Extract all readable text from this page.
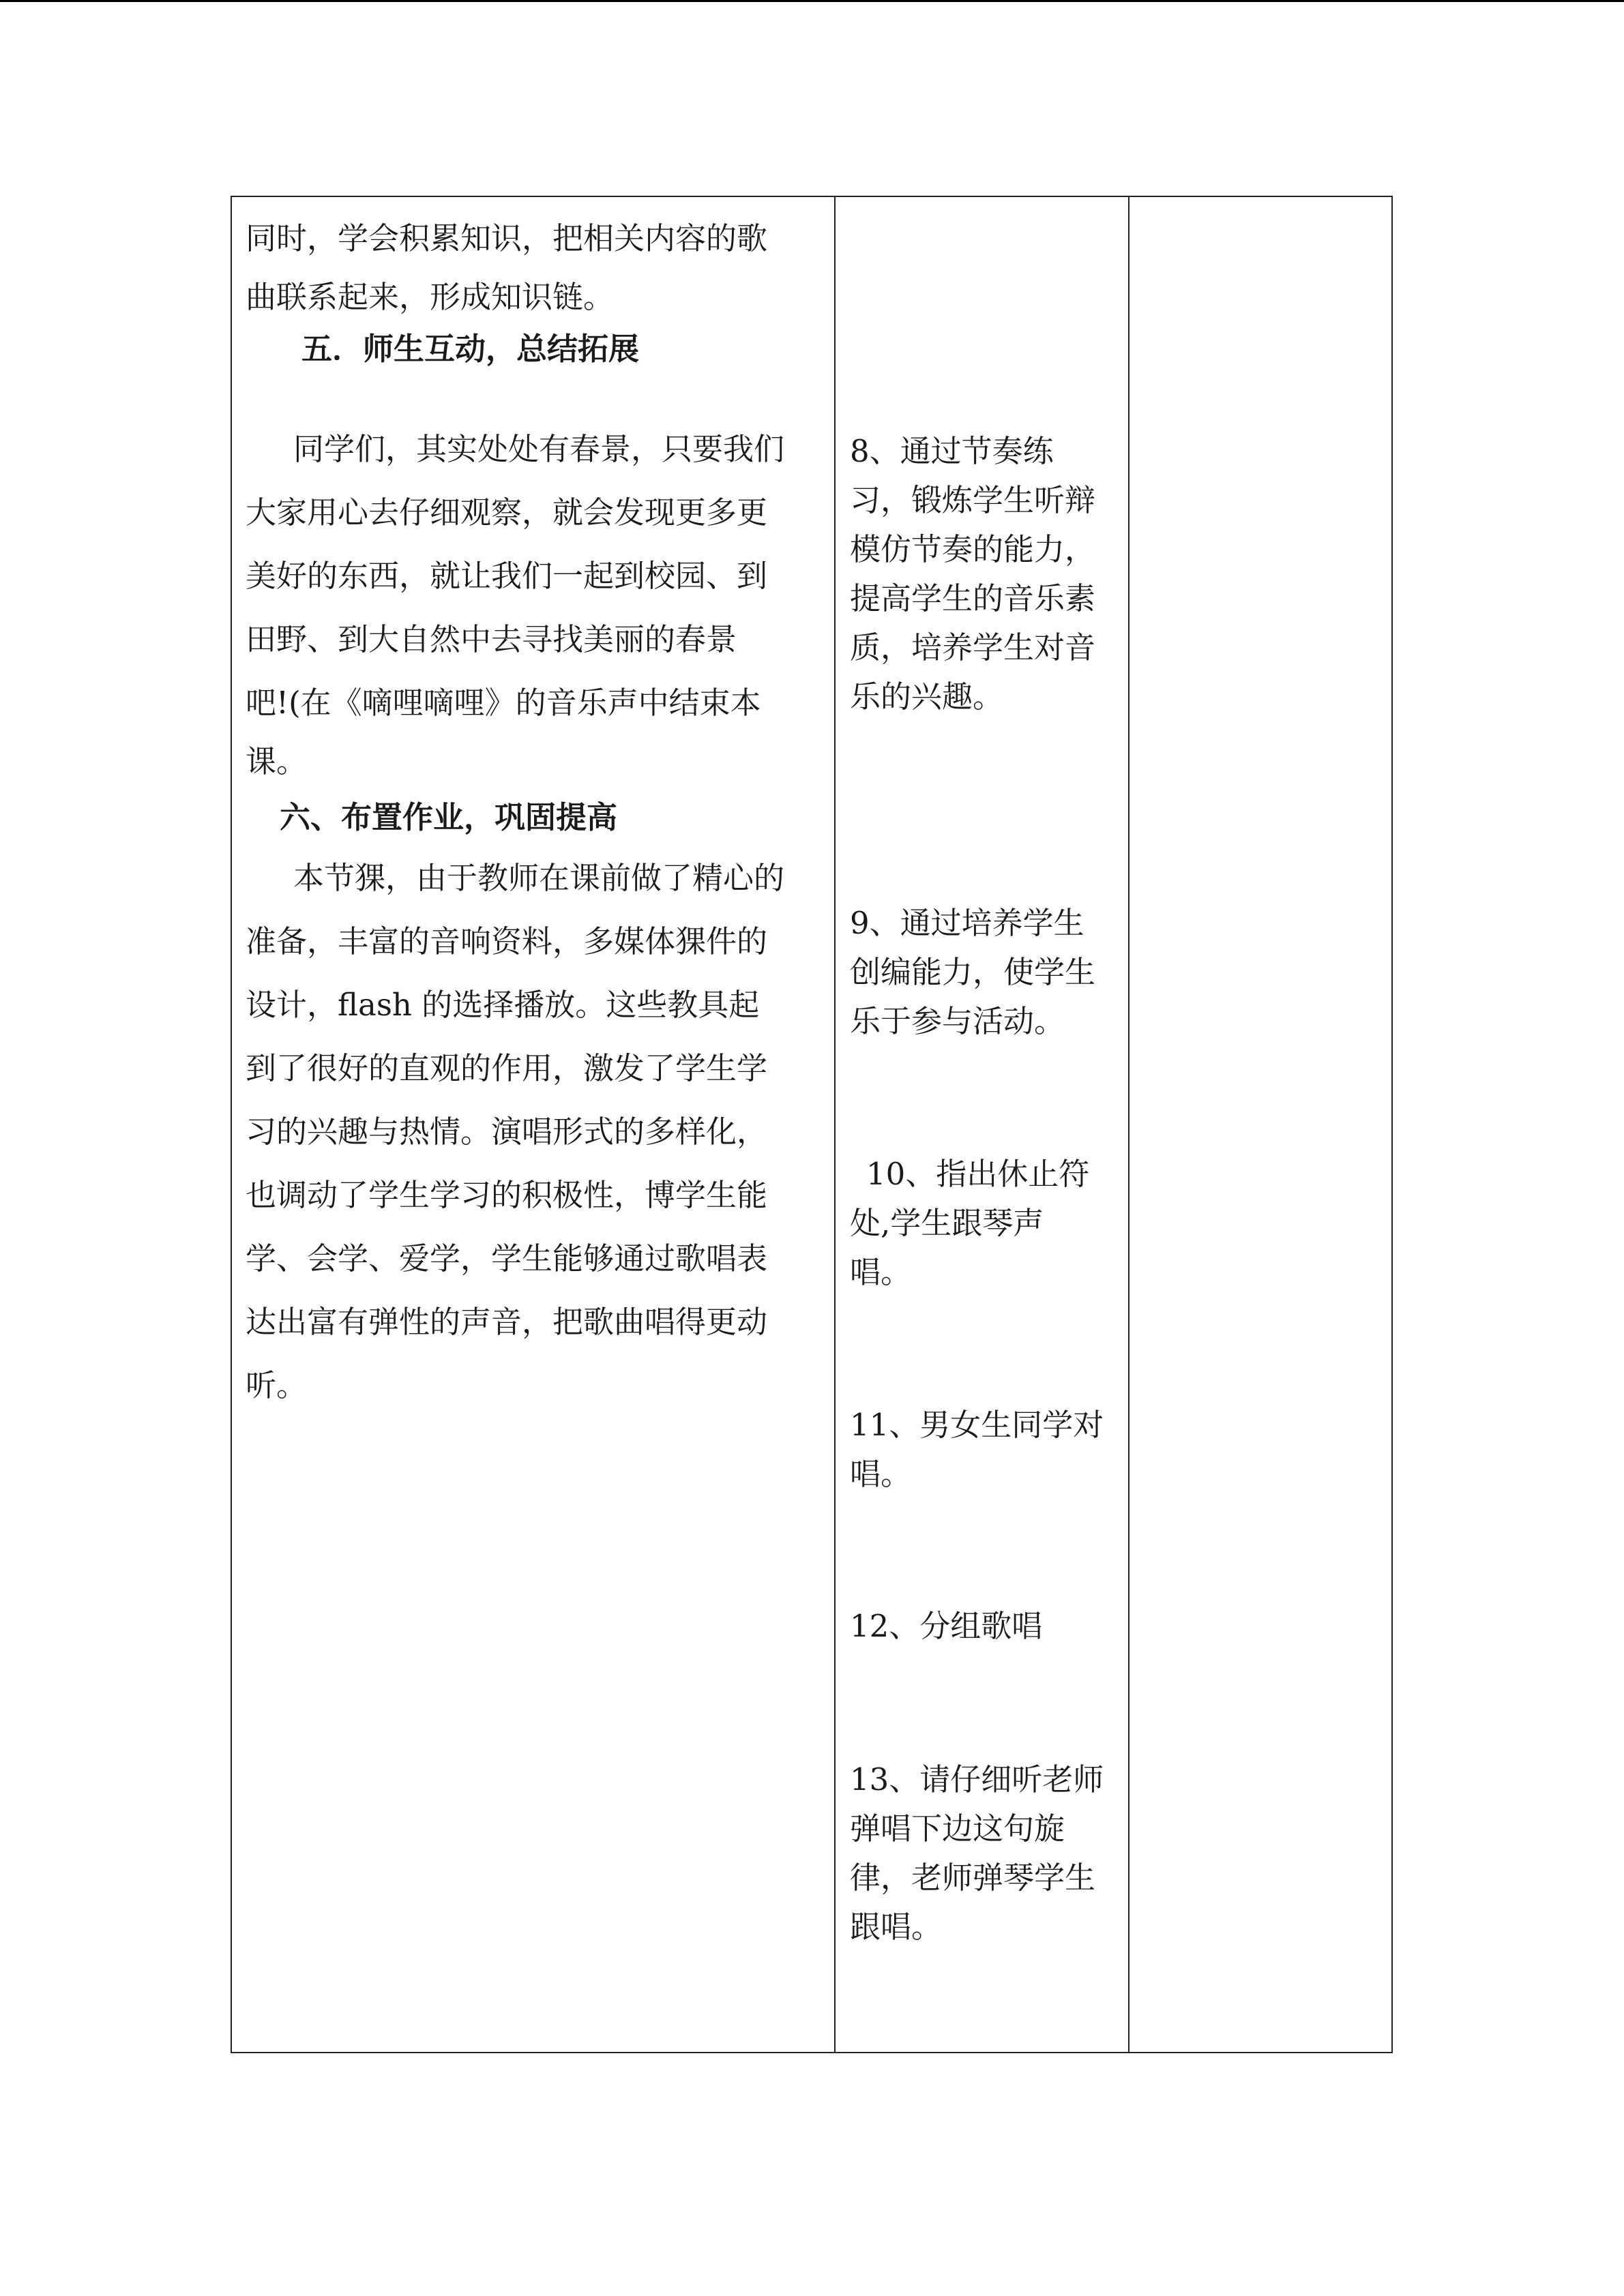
同时，学会积累知识，把相关内容的歌

曲联系起来，形成知识链。

五．师生互动，总结拓展

同学们，其实处处有春景，只要我们

大家用心去仔细观察，就会发现更多更

美好的东西，就让我们一起到校园、到

田野、到大自然中去寻找美丽的春景

吧!(在《嘀哩嘀哩》的音乐声中结束本

课。

六、布置作业，巩固提高

本节猓，由于教师在课前做了精心的

准备，丰富的音响资料，多媒体猓件的

设计，flash 的选择播放。这些教具起

到了很好的直观的作用，激发了学生学

习的兴趣与热情。演唱形式的多样化，

也调动了学生学习的积极性，博学生能

学、会学、爱学，学生能够通过歌唱表

达出富有弹性的声音，把歌曲唱得更动

听。

8、通过节奏练

习，锻炼学生听辩

模仿节奏的能力，

提高学生的音乐素

质，培养学生对音

乐的兴趣。

9、通过培养学生

创编能力，使学生

乐于参与活动。

10、指出休止符

处,学生跟琴声

唱。

11、男女生同学对

唱。

12、分组歌唱

13、请仔细听老师

弹唱下边这句旋

律，老师弹琴学生

跟唱。
